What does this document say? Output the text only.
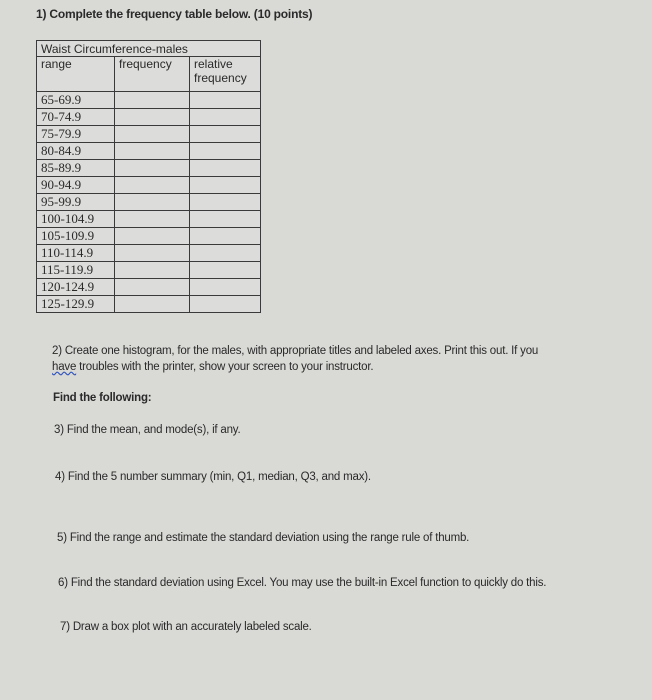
1) Complete the frequency table below. (10 points)
Waist Circumference-males		
range	frequency	relative frequency
65-69.9		
70-74.9		
75-79.9		
80-84.9		
85-89.9		
90-94.9		
95-99.9		
100-104.9		
105-109.9		
110-114.9		
115-119.9		
120-124.9		
125-129.9		
2) Create one histogram, for the males, with appropriate titles and labeled axes. Print this out. If you
have troubles with the printer, show your screen to your instructor.
Find the following:
3) Find the mean, and mode(s), if any.
4) Find the 5 number summary (min, Q1, median, Q3, and max).
5) Find the range and estimate the standard deviation using the range rule of thumb.
6) Find the standard deviation using Excel. You may use the built-in Excel function to quickly do this.
7) Draw a box plot with an accurately labeled scale.
